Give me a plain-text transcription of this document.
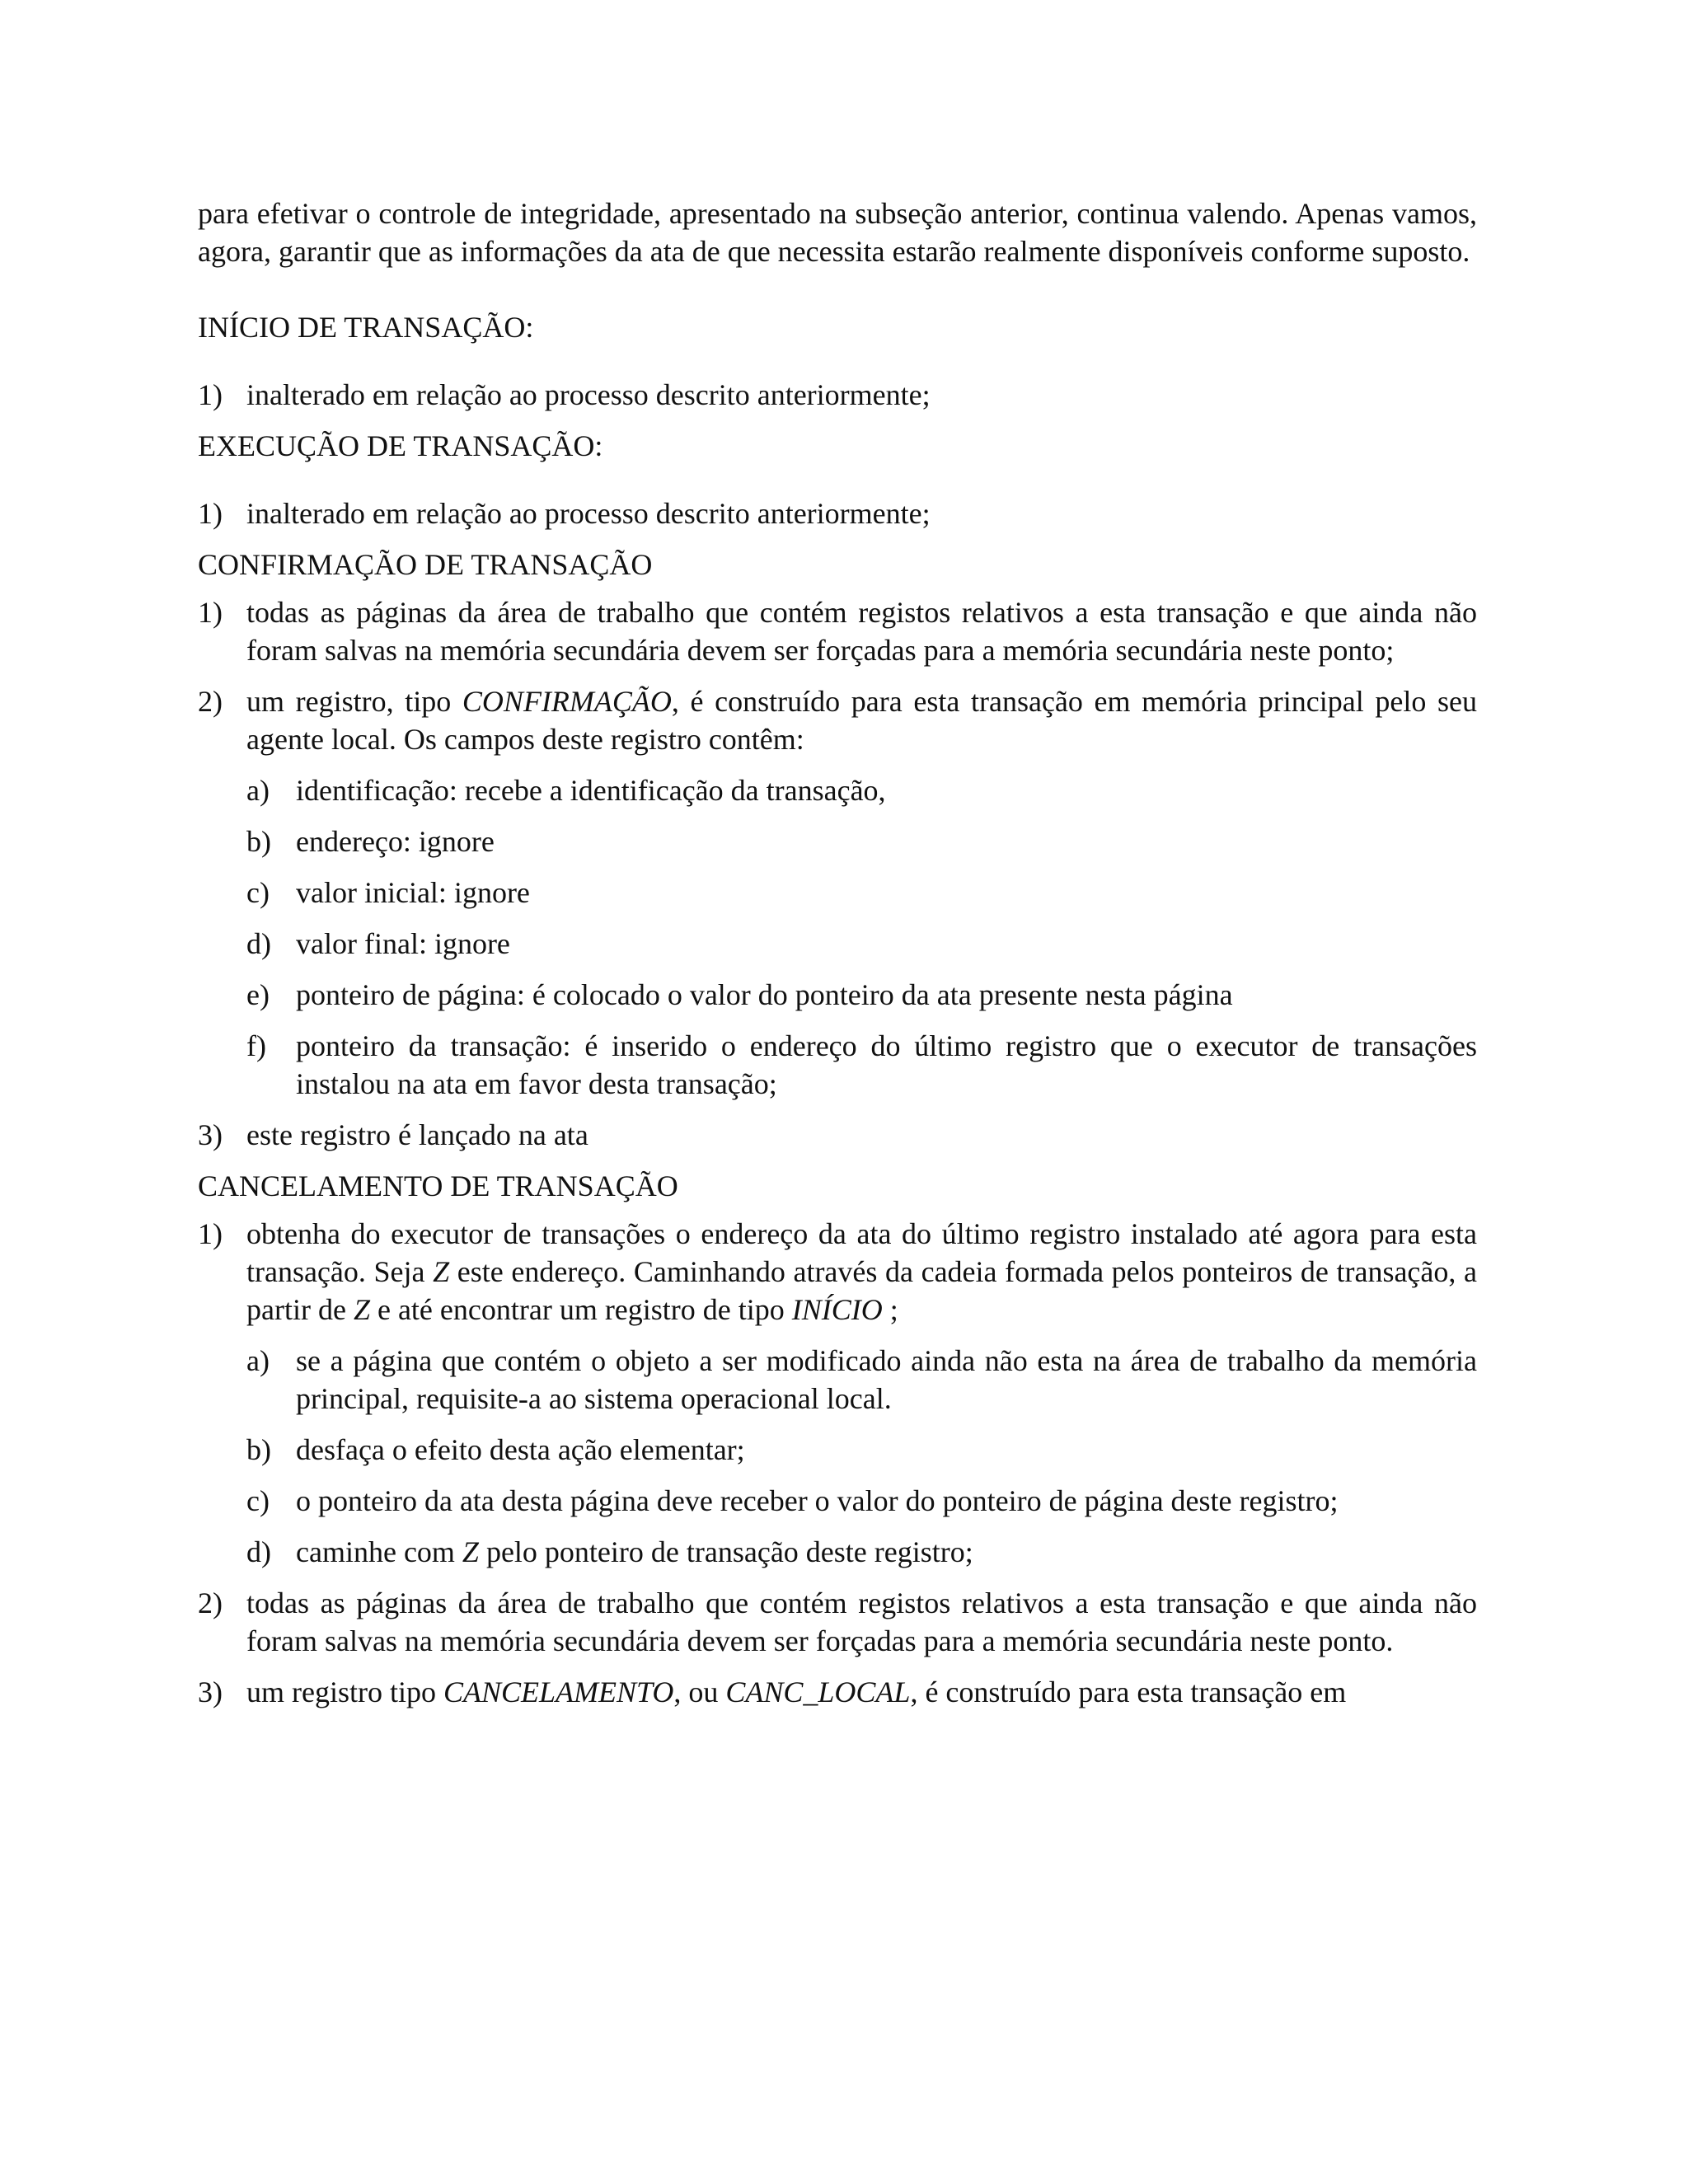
para efetivar o controle de integridade, apresentado na subseção anterior, continua valendo. Apenas vamos, agora, garantir que as informações da ata de que necessita estarão realmente disponíveis conforme suposto.

INÍCIO DE TRANSAÇÃO:

1) inalterado em relação ao processo descrito anteriormente;

EXECUÇÃO DE TRANSAÇÃO:

1) inalterado em relação ao processo descrito anteriormente;

CONFIRMAÇÃO DE TRANSAÇÃO

1) todas as páginas da área de trabalho que contém registos relativos a esta transação e que ainda não foram salvas na memória secundária devem ser forçadas para a memória secundária neste ponto;
2) um registro, tipo CONFIRMAÇÃO, é construído para esta transação em memória principal pelo seu agente local. Os campos deste registro contêm:
a) identificação: recebe a identificação da transação,
b) endereço: ignore
c) valor inicial: ignore
d) valor final: ignore
e) ponteiro de página: é colocado o valor do ponteiro da ata presente nesta página
f) ponteiro da transação: é inserido o endereço do último registro que o executor de transações instalou na ata em favor desta transação;
3) este registro é lançado na ata

CANCELAMENTO DE TRANSAÇÃO

1) obtenha do executor de transações o endereço da ata do último registro instalado até agora para esta transação. Seja Z este endereço. Caminhando através da cadeia formada pelos ponteiros de transação, a partir de Z e até encontrar um registro de tipo INÍCIO ;
a) se a página que contém o objeto a ser modificado ainda não esta na área de trabalho da memória principal, requisite-a ao sistema operacional local.
b) desfaça o efeito desta ação elementar;
c) o ponteiro da ata desta página deve receber o valor do ponteiro de página deste registro;
d) caminhe com Z pelo ponteiro de transação deste registro;
2) todas as páginas da área de trabalho que contém registos relativos a esta transação e que ainda não foram salvas na memória secundária devem ser forçadas para a memória secundária neste ponto.
3) um registro tipo CANCELAMENTO, ou CANC_LOCAL, é construído para esta transação em
